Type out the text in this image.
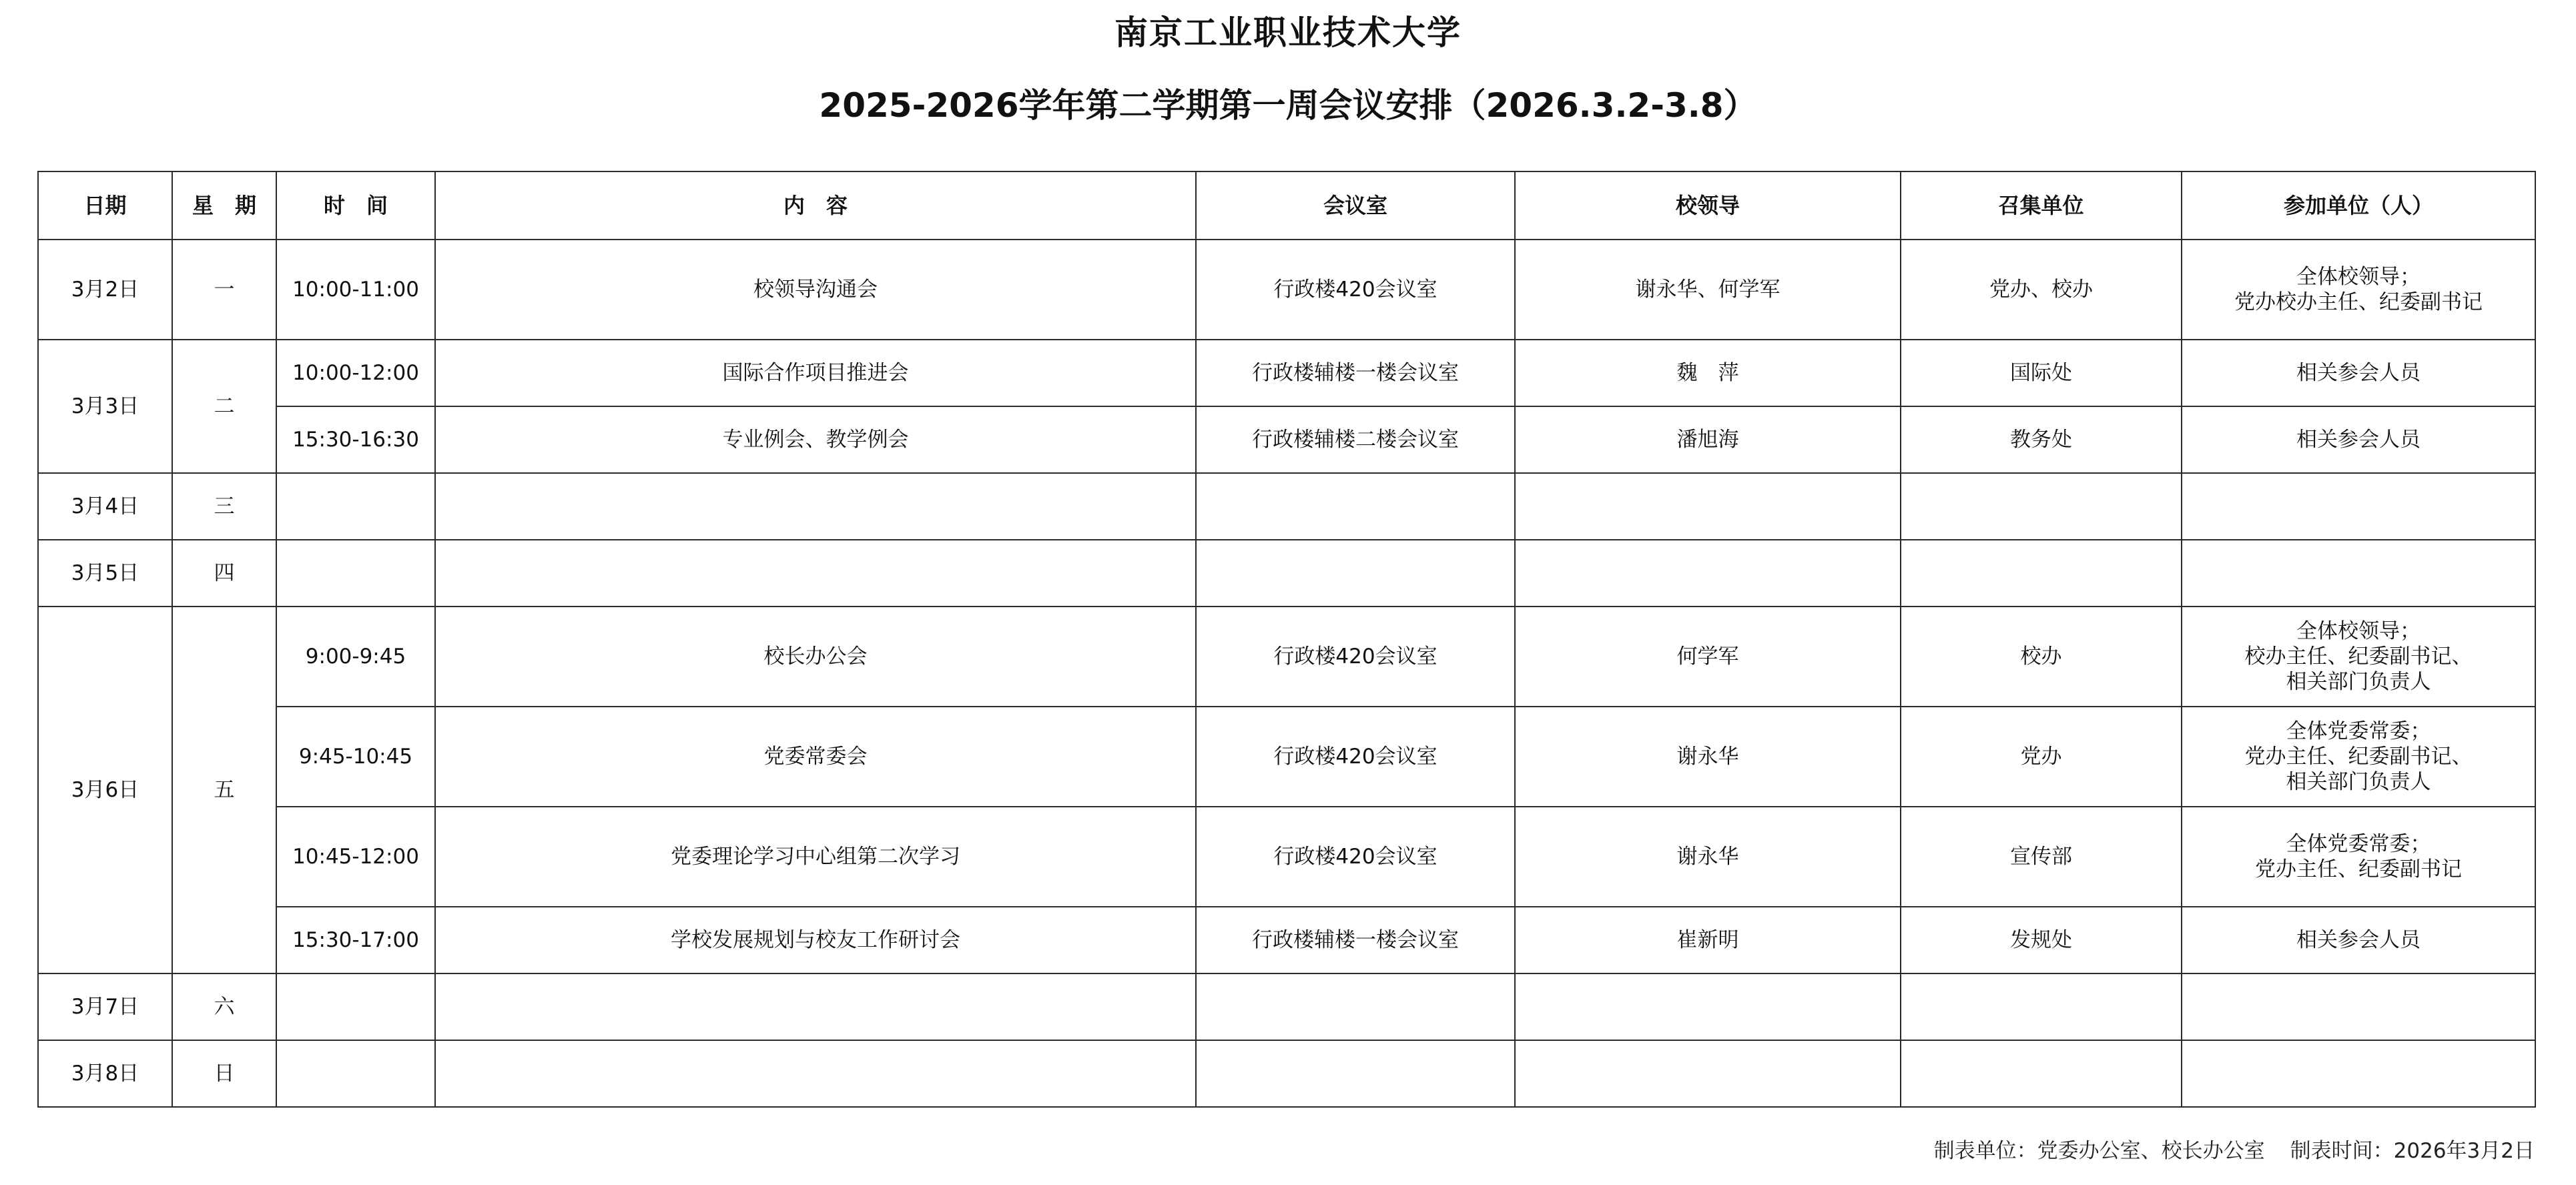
南京工业职业技术大学
2025-2026学年第二学期第一周会议安排（2026.3.2-3.8）
日期	星　期	时　间	内　容	会议室	校领导	召集单位	参加单位（人）
3月2日	一	10:00-11:00	校领导沟通会	行政楼420会议室	谢永华、何学军	党办、校办	全体校领导；
党办校办主任、纪委副书记
3月3日	二	10:00-12:00	国际合作项目推进会	行政楼辅楼一楼会议室	魏　萍	国际处	相关参会人员
		15:30-16:30	专业例会、教学例会	行政楼辅楼二楼会议室	潘旭海	教务处	相关参会人员
3月4日	三						
3月5日	四						
3月6日	五	9:00-9:45	校长办公会	行政楼420会议室	何学军	校办	全体校领导；
校办主任、纪委副书记、
相关部门负责人
		9:45-10:45	党委常委会	行政楼420会议室	谢永华	党办	全体党委常委；
党办主任、纪委副书记、
相关部门负责人
		10:45-12:00	党委理论学习中心组第二次学习	行政楼420会议室	谢永华	宣传部	全体党委常委；
党办主任、纪委副书记
		15:30-17:00	学校发展规划与校友工作研讨会	行政楼辅楼一楼会议室	崔新明	发规处	相关参会人员
3月7日	六						
3月8日	日						
制表单位：党委办公室、校长办公室 制表时间：2026年3月2日
